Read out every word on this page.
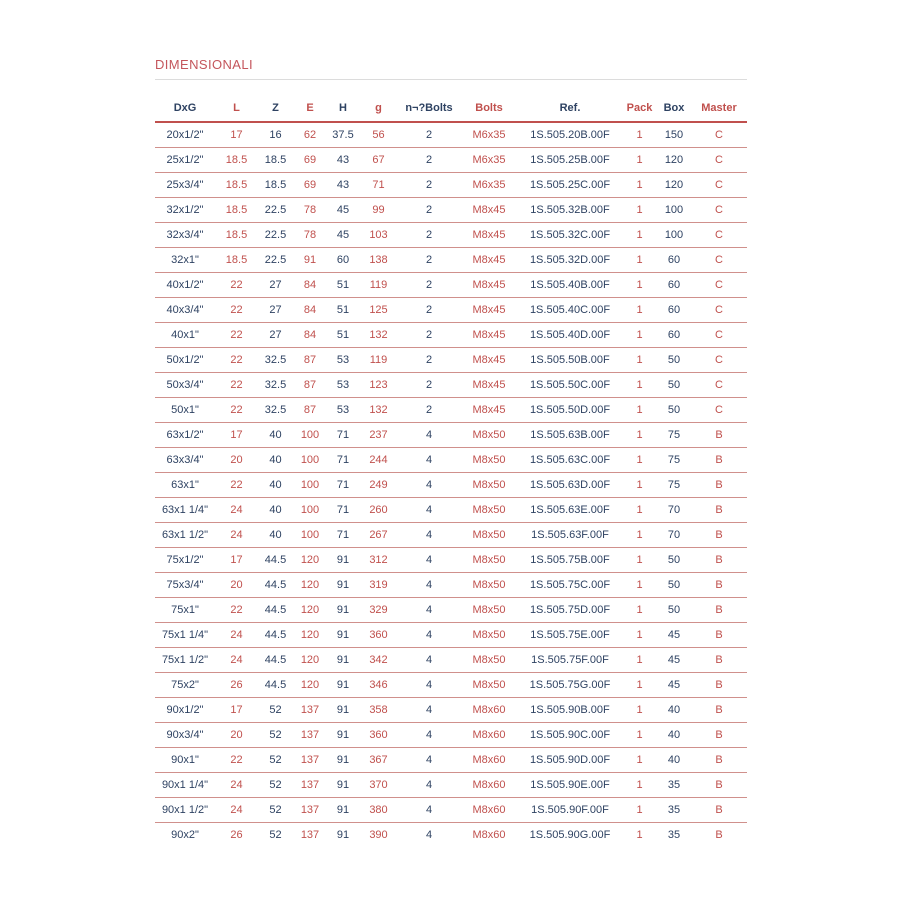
DIMENSIONALI
DxG	L	Z	E	H	g	n¬?Bolts	Bolts	Ref.	Pack	Box	Master
20x1/2"	17	16	62	37.5	56	2	M6x35	1S.505.20B.00F	1	150	C
25x1/2"	18.5	18.5	69	43	67	2	M6x35	1S.505.25B.00F	1	120	C
25x3/4"	18.5	18.5	69	43	71	2	M6x35	1S.505.25C.00F	1	120	C
32x1/2"	18.5	22.5	78	45	99	2	M8x45	1S.505.32B.00F	1	100	C
32x3/4"	18.5	22.5	78	45	103	2	M8x45	1S.505.32C.00F	1	100	C
32x1"	18.5	22.5	91	60	138	2	M8x45	1S.505.32D.00F	1	60	C
40x1/2"	22	27	84	51	119	2	M8x45	1S.505.40B.00F	1	60	C
40x3/4"	22	27	84	51	125	2	M8x45	1S.505.40C.00F	1	60	C
40x1"	22	27	84	51	132	2	M8x45	1S.505.40D.00F	1	60	C
50x1/2"	22	32.5	87	53	119	2	M8x45	1S.505.50B.00F	1	50	C
50x3/4"	22	32.5	87	53	123	2	M8x45	1S.505.50C.00F	1	50	C
50x1"	22	32.5	87	53	132	2	M8x45	1S.505.50D.00F	1	50	C
63x1/2"	17	40	100	71	237	4	M8x50	1S.505.63B.00F	1	75	B
63x3/4"	20	40	100	71	244	4	M8x50	1S.505.63C.00F	1	75	B
63x1"	22	40	100	71	249	4	M8x50	1S.505.63D.00F	1	75	B
63x1 1/4"	24	40	100	71	260	4	M8x50	1S.505.63E.00F	1	70	B
63x1 1/2"	24	40	100	71	267	4	M8x50	1S.505.63F.00F	1	70	B
75x1/2"	17	44.5	120	91	312	4	M8x50	1S.505.75B.00F	1	50	B
75x3/4"	20	44.5	120	91	319	4	M8x50	1S.505.75C.00F	1	50	B
75x1"	22	44.5	120	91	329	4	M8x50	1S.505.75D.00F	1	50	B
75x1 1/4"	24	44.5	120	91	360	4	M8x50	1S.505.75E.00F	1	45	B
75x1 1/2"	24	44.5	120	91	342	4	M8x50	1S.505.75F.00F	1	45	B
75x2"	26	44.5	120	91	346	4	M8x50	1S.505.75G.00F	1	45	B
90x1/2"	17	52	137	91	358	4	M8x60	1S.505.90B.00F	1	40	B
90x3/4"	20	52	137	91	360	4	M8x60	1S.505.90C.00F	1	40	B
90x1"	22	52	137	91	367	4	M8x60	1S.505.90D.00F	1	40	B
90x1 1/4"	24	52	137	91	370	4	M8x60	1S.505.90E.00F	1	35	B
90x1 1/2"	24	52	137	91	380	4	M8x60	1S.505.90F.00F	1	35	B
90x2"	26	52	137	91	390	4	M8x60	1S.505.90G.00F	1	35	B
